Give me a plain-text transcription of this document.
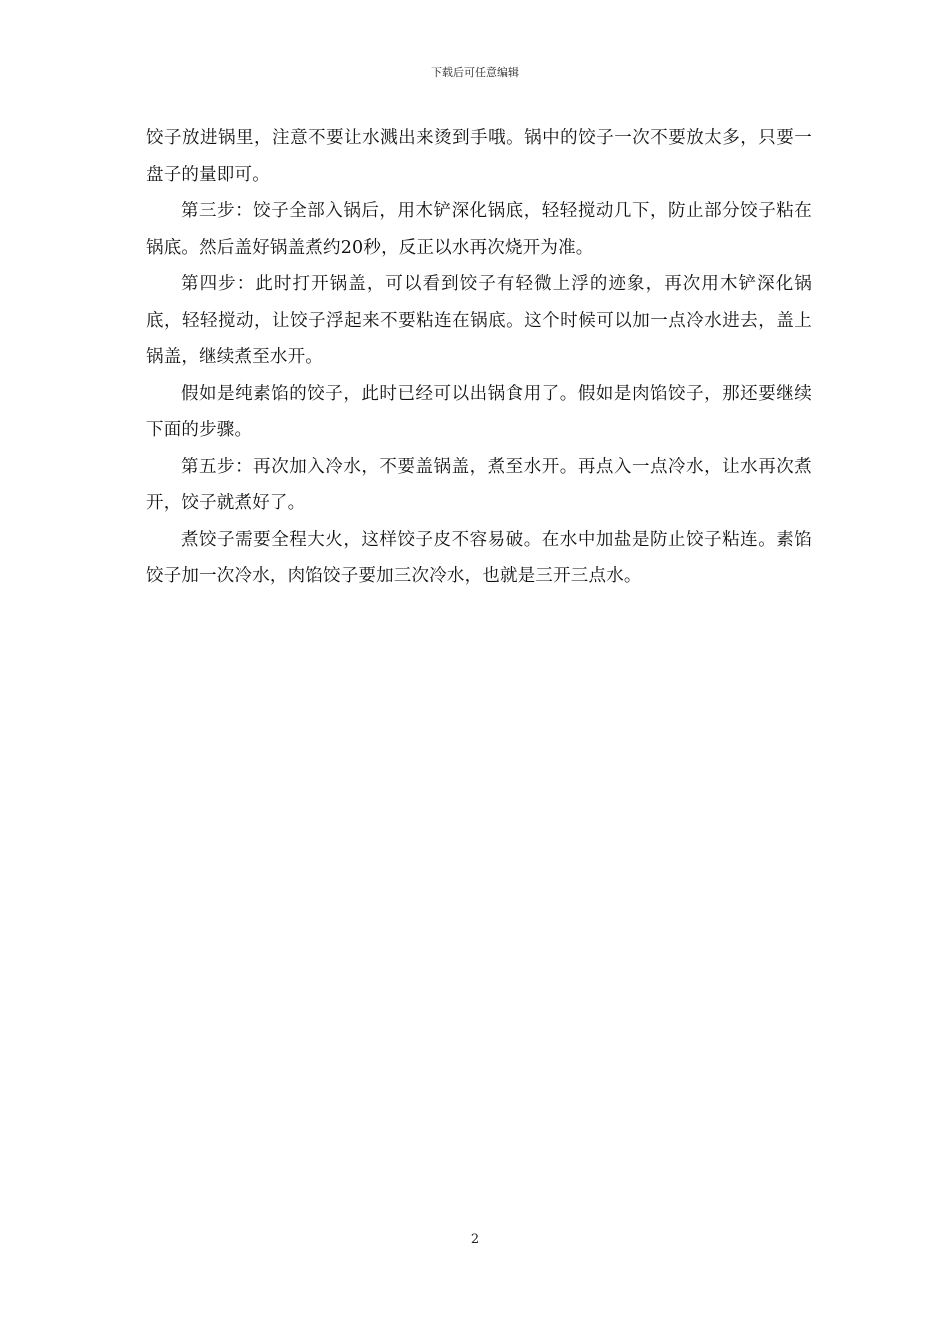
下载后可任意编辑

饺子放进锅里，注意不要让水溅出来烫到手哦。锅中的饺子一次不要放太多，只要一盘子的量即可。

第三步：饺子全部入锅后，用木铲深化锅底，轻轻搅动几下，防止部分饺子粘在锅底。然后盖好锅盖煮约20秒，反正以水再次烧开为准。

第四步：此时打开锅盖，可以看到饺子有轻微上浮的迹象，再次用木铲深化锅底，轻轻搅动，让饺子浮起来不要粘连在锅底。这个时候可以加一点冷水进去，盖上锅盖，继续煮至水开。

假如是纯素馅的饺子，此时已经可以出锅食用了。假如是肉馅饺子，那还要继续下面的步骤。

第五步：再次加入冷水，不要盖锅盖，煮至水开。再点入一点冷水，让水再次煮开，饺子就煮好了。

煮饺子需要全程大火，这样饺子皮不容易破。在水中加盐是防止饺子粘连。素馅饺子加一次冷水，肉馅饺子要加三次冷水，也就是三开三点水。

2
